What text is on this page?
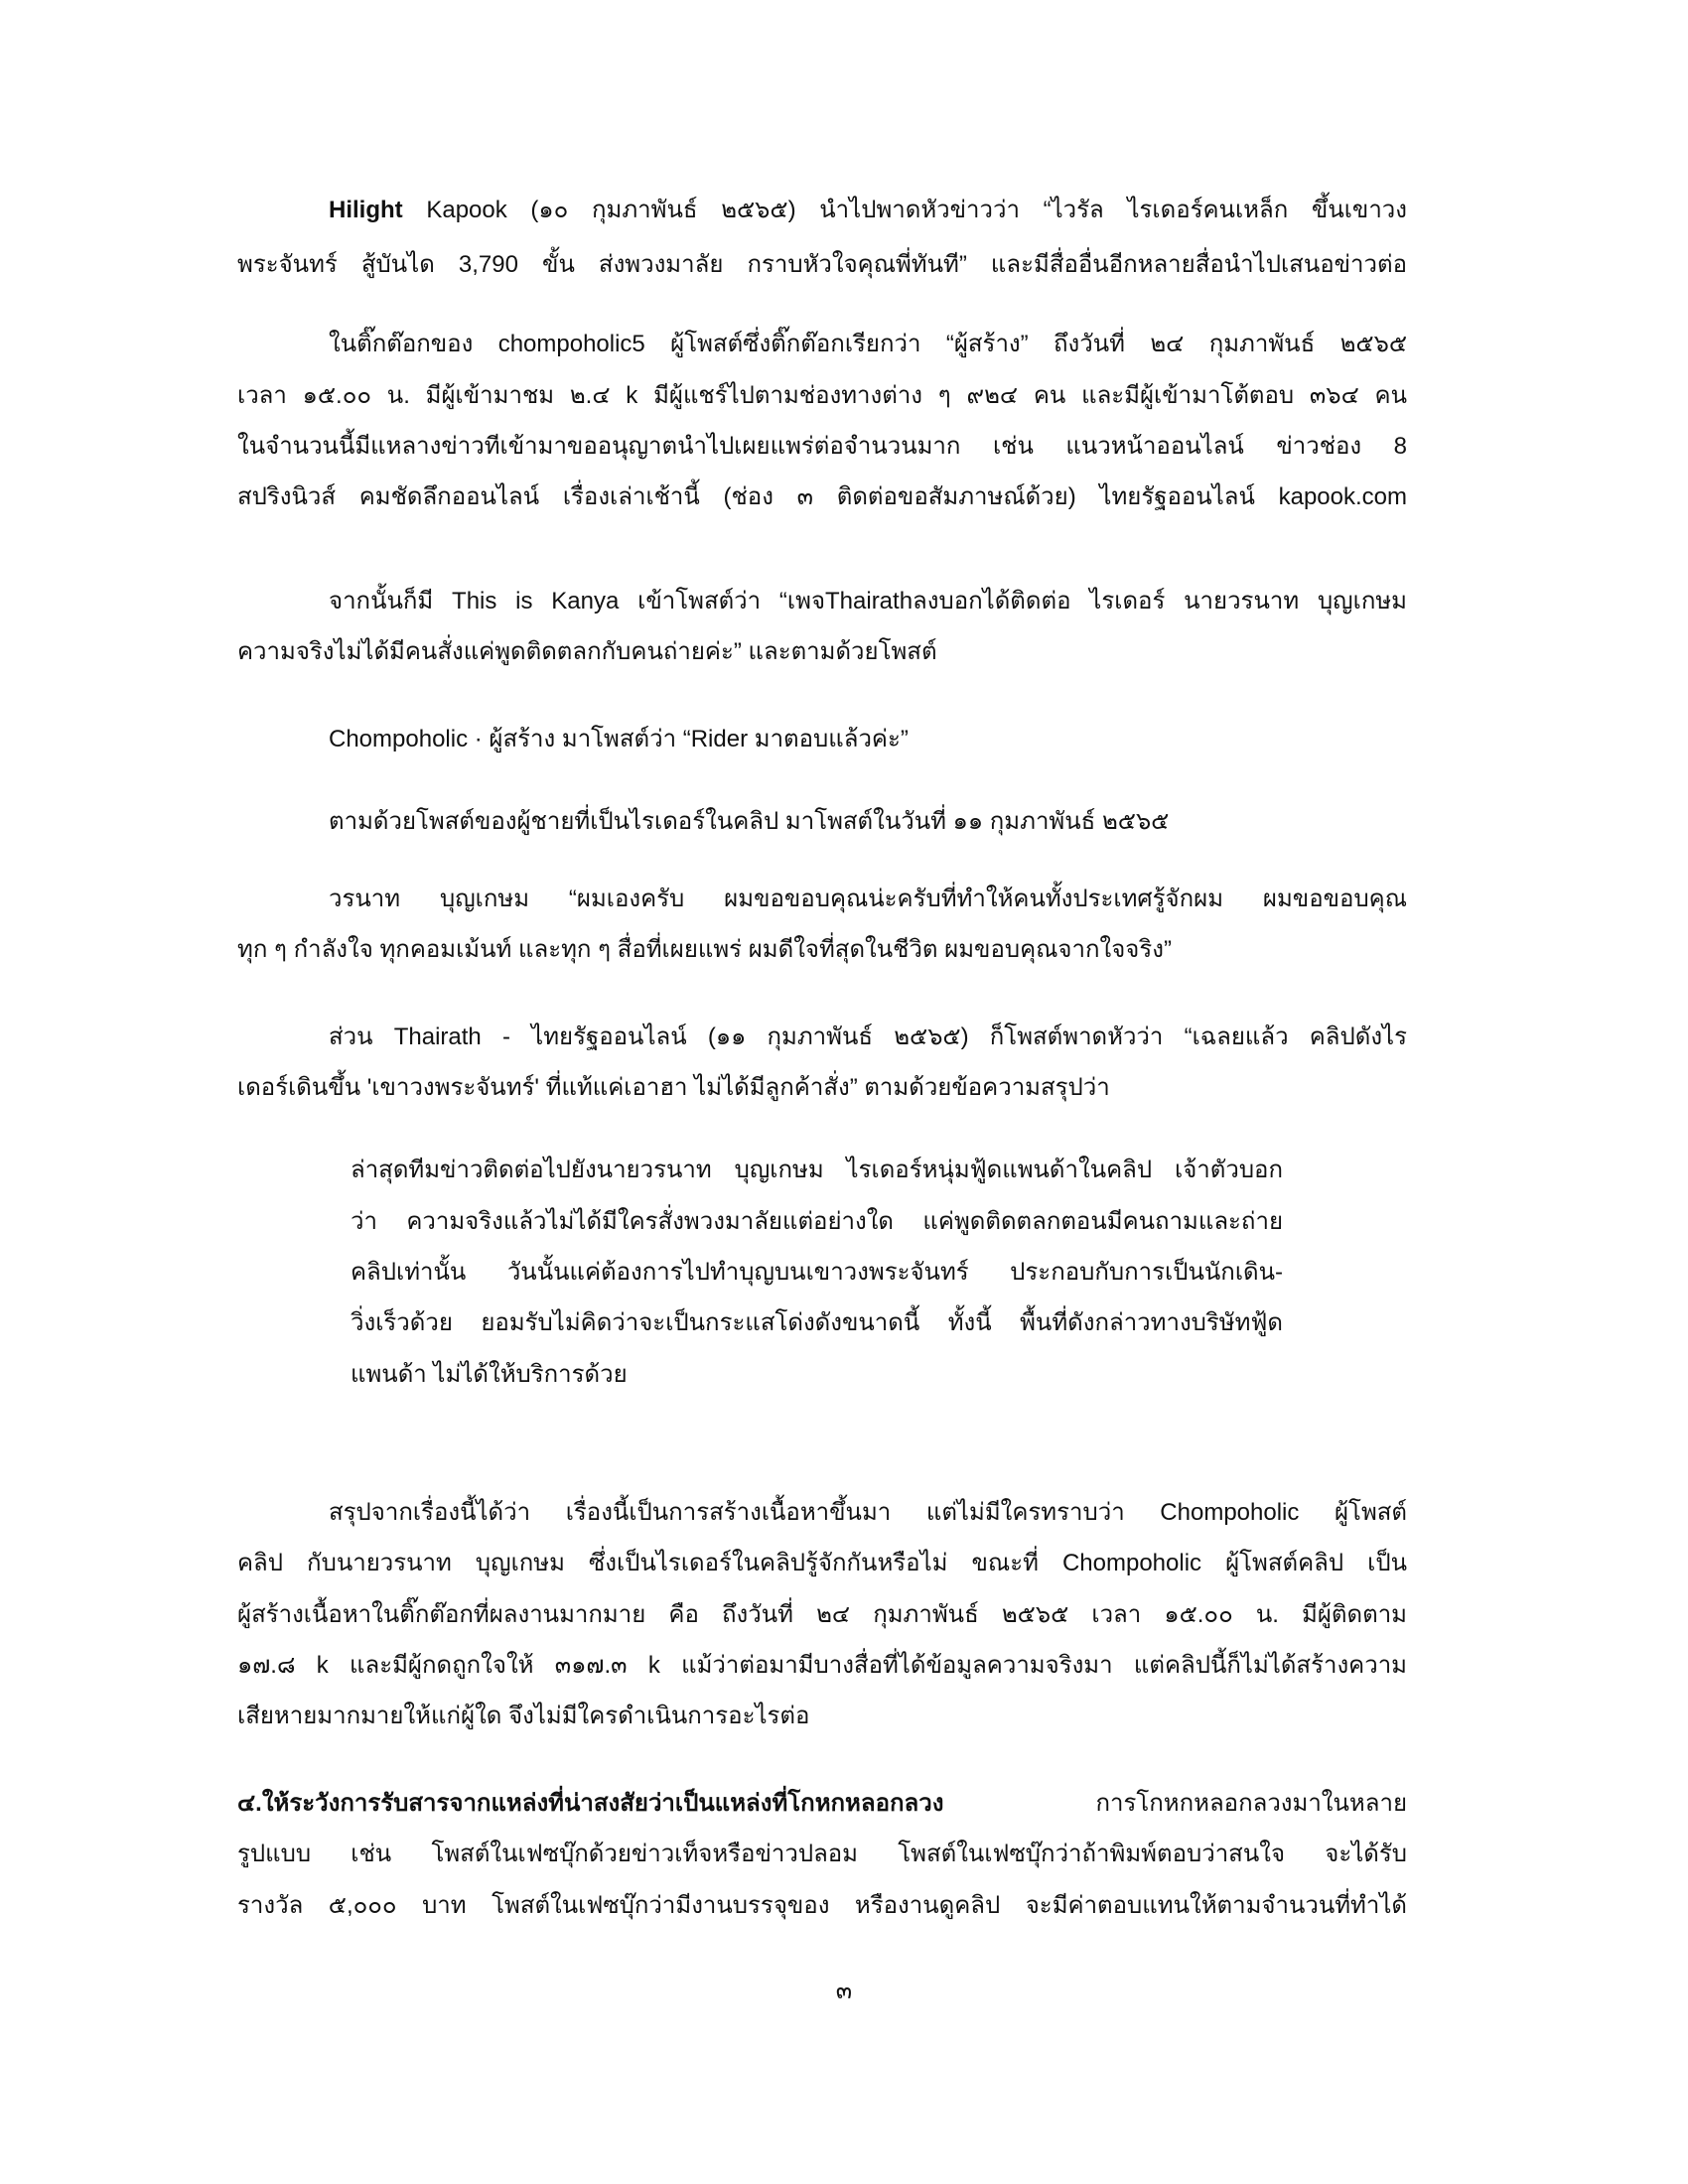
Hilight Kapook (๑๐ กุมภาพันธ์ ๒๕๖๕) นำไปพาดหัวข่าวว่า “ไวรัล ไรเดอร์คนเหล็ก ขึ้นเขาวง
พระจันทร์ สู้บันได 3,790 ขั้น ส่งพวงมาลัย กราบหัวใจคุณพี่ทันที” และมีสื่ออื่นอีกหลายสื่อนำไปเสนอข่าวต่อ
ในติ๊กต๊อกของ chompoholic5 ผู้โพสต์ซึ่งติ๊กต๊อกเรียกว่า “ผู้สร้าง” ถึงวันที่ ๒๔ กุมภาพันธ์ ๒๕๖๕
เวลา ๑๕.๐๐ น. มีผู้เข้ามาชม ๒.๔ k มีผู้แชร์ไปตามช่องทางต่าง ๆ ๙๒๔ คน และมีผู้เข้ามาโต้ตอบ ๓๖๔ คน
ในจำนวนนี้มีแหลางข่าวทีเข้ามาขออนุญาตนำไปเผยแพร่ต่อจำนวนมาก เช่น แนวหน้าออนไลน์ ข่าวช่อง 8
สปริงนิวส์ คมชัดลึกออนไลน์ เรื่องเล่าเช้านี้ (ช่อง ๓ ติดต่อขอสัมภาษณ์ด้วย) ไทยรัฐออนไลน์ kapook.com
จากนั้นก็มี This is Kanya เข้าโพสต์ว่า “เพจThairathลงบอกได้ติดต่อ ไรเดอร์ นายวรนาท บุญเกษม
ความจริงไม่ได้มีคนสั่งแค่พูดติดตลกกับคนถ่ายค่ะ” และตามด้วยโพสต์
Chompoholic · ผู้สร้าง มาโพสต์ว่า “Rider มาตอบแล้วค่ะ”
ตามด้วยโพสต์ของผู้ชายที่เป็นไรเดอร์ในคลิป มาโพสต์ในวันที่ ๑๑ กุมภาพันธ์ ๒๕๖๕
วรนาท บุญเกษม “ผมเองครับ ผมขอขอบคุณน่ะครับที่ทำให้คนทั้งประเทศรู้จักผม ผมขอขอบคุณ
ทุก ๆ กำลังใจ ทุกคอมเม้นท์ และทุก ๆ สื่อที่เผยแพร่ ผมดีใจที่สุดในชีวิต ผมขอบคุณจากใจจริง”
ส่วน Thairath - ไทยรัฐออนไลน์ (๑๑ กุมภาพันธ์ ๒๕๖๕) ก็โพสต์พาดหัวว่า “เฉลยแล้ว คลิปดังไร
เดอร์เดินขึ้น 'เขาวงพระจันทร์' ที่แท้แค่เอาฮา ไม่ได้มีลูกค้าสั่ง” ตามด้วยข้อความสรุปว่า
ล่าสุดทีมข่าวติดต่อไปยังนายวรนาท บุญเกษม ไรเดอร์หนุ่มฟู้ดแพนด้าในคลิป เจ้าตัวบอก
ว่า ความจริงแล้วไม่ได้มีใครสั่งพวงมาลัยแต่อย่างใด แค่พูดติดตลกตอนมีคนถามและถ่าย
คลิปเท่านั้น วันนั้นแค่ต้องการไปทำบุญบนเขาวงพระจันทร์ ประกอบกับการเป็นนักเดิน-
วิ่งเร็วด้วย ยอมรับไม่คิดว่าจะเป็นกระแสโด่งดังขนาดนี้ ทั้งนี้ พื้นที่ดังกล่าวทางบริษัทฟู้ด
แพนด้า ไม่ได้ให้บริการด้วย
สรุปจากเรื่องนี้ได้ว่า เรื่องนี้เป็นการสร้างเนื้อหาขึ้นมา แต่ไม่มีใครทราบว่า Chompoholic ผู้โพสต์
คลิป กับนายวรนาท บุญเกษม ซึ่งเป็นไรเดอร์ในคลิปรู้จักกันหรือไม่ ขณะที่ Chompoholic ผู้โพสต์คลิป เป็น
ผู้สร้างเนื้อหาในติ๊กต๊อกที่ผลงานมากมาย คือ ถึงวันที่ ๒๔ กุมภาพันธ์ ๒๕๖๕ เวลา ๑๕.๐๐ น. มีผู้ติดตาม
๑๗.๘ k และมีผู้กดถูกใจให้ ๓๑๗.๓ k แม้ว่าต่อมามีบางสื่อที่ได้ข้อมูลความจริงมา แต่คลิปนี้ก็ไม่ได้สร้างความ
เสียหายมากมายให้แก่ผู้ใด จึงไม่มีใครดำเนินการอะไรต่อ
๔.ให้ระวังการรับสารจากแหล่งที่น่าสงสัยว่าเป็นแหล่งที่โกหกหลอกลวง การโกหกหลอกลวงมาในหลาย
รูปแบบ เช่น โพสต์ในเฟซบุ๊กด้วยข่าวเท็จหรือข่าวปลอม โพสต์ในเฟซบุ๊กว่าถ้าพิมพ์ตอบว่าสนใจ จะได้รับ
รางวัล ๕,๐๐๐ บาท โพสต์ในเฟซบุ๊กว่ามีงานบรรจุของ หรืองานดูคลิป จะมีค่าตอบแทนให้ตามจำนวนที่ทำได้
๓
